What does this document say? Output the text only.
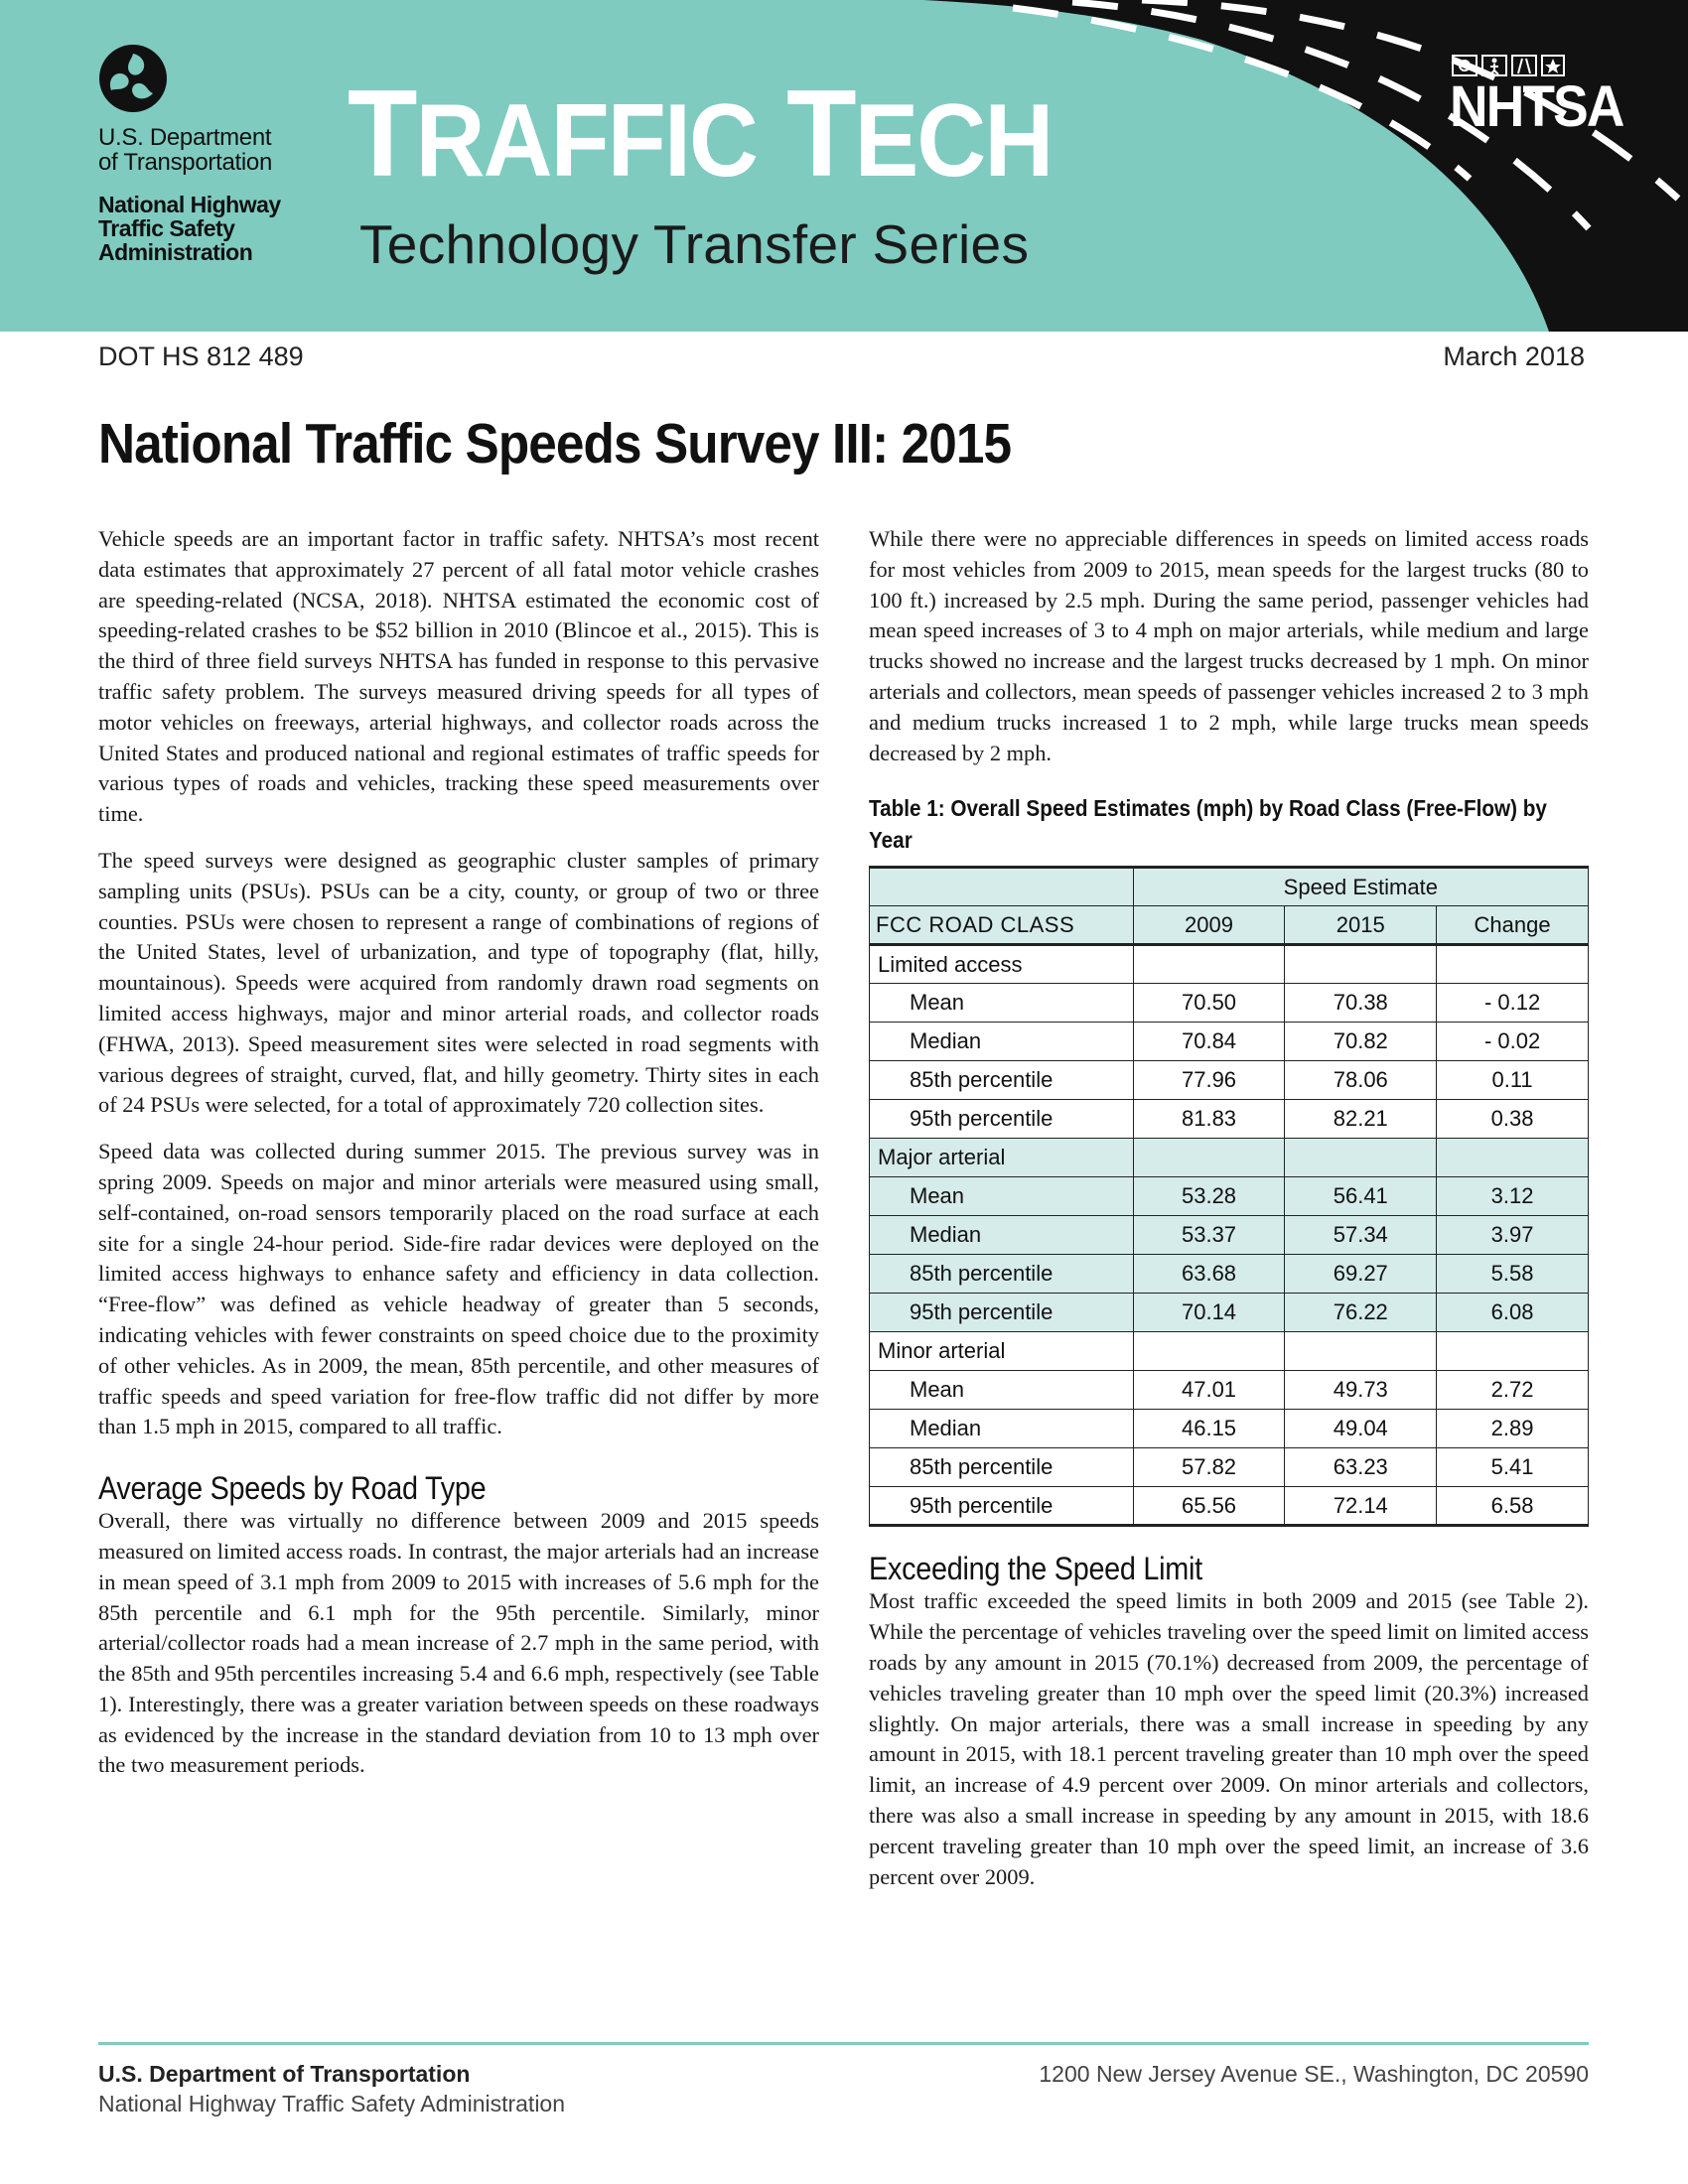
U.S. Department
of Transportation
National Highway
Traffic Safety
Administration
TRAFFIC TECH
Technology Transfer Series
NHTSA
DOT HS 812 489	March 2018
National Traffic Speeds Survey III: 2015

Vehicle speeds are an important factor in traffic safety. NHTSA’s most recent data estimates that approximately 27 percent of all fatal motor vehicle crashes are speeding-related (NCSA, 2018). NHTSA estimated the economic cost of speeding-related crashes to be $52 billion in 2010 (Blincoe et al., 2015). This is the third of three field surveys NHTSA has funded in response to this pervasive traffic safety problem. The surveys measured driving speeds for all types of motor vehicles on freeways, arterial highways, and collector roads across the United States and produced national and regional estimates of traffic speeds for various types of roads and vehicles, tracking these speed measurements over time.

The speed surveys were designed as geographic cluster samples of primary sampling units (PSUs). PSUs can be a city, county, or group of two or three counties. PSUs were chosen to represent a range of combinations of regions of the United States, level of urbanization, and type of topography (flat, hilly, mountainous). Speeds were acquired from randomly drawn road segments on limited access highways, major and minor arterial roads, and collector roads (FHWA, 2013). Speed measurement sites were selected in road segments with various degrees of straight, curved, flat, and hilly geometry. Thirty sites in each of 24 PSUs were selected, for a total of approximately 720 collection sites.

Speed data was collected during summer 2015. The previous survey was in spring 2009. Speeds on major and minor arterials were measured using small, self-contained, on-road sensors temporarily placed on the road surface at each site for a single 24-hour period. Side-fire radar devices were deployed on the limited access highways to enhance safety and efficiency in data collection. “Free-flow” was defined as vehicle headway of greater than 5 seconds, indicating vehicles with fewer constraints on speed choice due to the proximity of other vehicles. As in 2009, the mean, 85th percentile, and other measures of traffic speeds and speed variation for free-flow traffic did not differ by more than 1.5 mph in 2015, compared to all traffic.

Average Speeds by Road Type

Overall, there was virtually no difference between 2009 and 2015 speeds measured on limited access roads. In contrast, the major arterials had an increase in mean speed of 3.1 mph from 2009 to 2015 with increases of 5.6 mph for the 85th percentile and 6.1 mph for the 95th percentile. Similarly, minor arterial/collector roads had a mean increase of 2.7 mph in the same period, with the 85th and 95th percentiles increasing 5.4 and 6.6 mph, respectively (see Table 1). Interestingly, there was a greater variation between speeds on these roadways as evidenced by the increase in the standard deviation from 10 to 13 mph over the two measurement periods.

While there were no appreciable differences in speeds on limited access roads for most vehicles from 2009 to 2015, mean speeds for the largest trucks (80 to 100 ft.) increased by 2.5 mph. During the same period, passenger vehicles had mean speed increases of 3 to 4 mph on major arterials, while medium and large trucks showed no increase and the largest trucks decreased by 1 mph. On minor arterials and collectors, mean speeds of passenger vehicles increased 2 to 3 mph and medium trucks increased 1 to 2 mph, while large trucks mean speeds decreased by 2 mph.

Table 1: Overall Speed Estimates (mph) by Road Class (Free-Flow) by Year
	Speed Estimate		
FCC ROAD CLASS	2009	2015	Change
Limited access			
Mean	70.50	70.38	- 0.12
Median	70.84	70.82	- 0.02
85th percentile	77.96	78.06	0.11
95th percentile	81.83	82.21	0.38
Major arterial			
Mean	53.28	56.41	3.12
Median	53.37	57.34	3.97
85th percentile	63.68	69.27	5.58
95th percentile	70.14	76.22	6.08
Minor arterial			
Mean	47.01	49.73	2.72
Median	46.15	49.04	2.89
85th percentile	57.82	63.23	5.41
95th percentile	65.56	72.14	6.58
Exceeding the Speed Limit

Most traffic exceeded the speed limits in both 2009 and 2015 (see Table 2). While the percentage of vehicles traveling over the speed limit on limited access roads by any amount in 2015 (70.1%) decreased from 2009, the percentage of vehicles traveling greater than 10 mph over the speed limit (20.3%) increased slightly. On major arterials, there was a small increase in speeding by any amount in 2015, with 18.1 percent traveling greater than 10 mph over the speed limit, an increase of 4.9 percent over 2009. On minor arterials and collectors, there was also a small increase in speeding by any amount in 2015, with 18.6 percent traveling greater than 10 mph over the speed limit, an increase of 3.6 percent over 2009.

U.S. Department of Transportation
National Highway Traffic Safety Administration
1200 New Jersey Avenue SE., Washington, DC 20590
